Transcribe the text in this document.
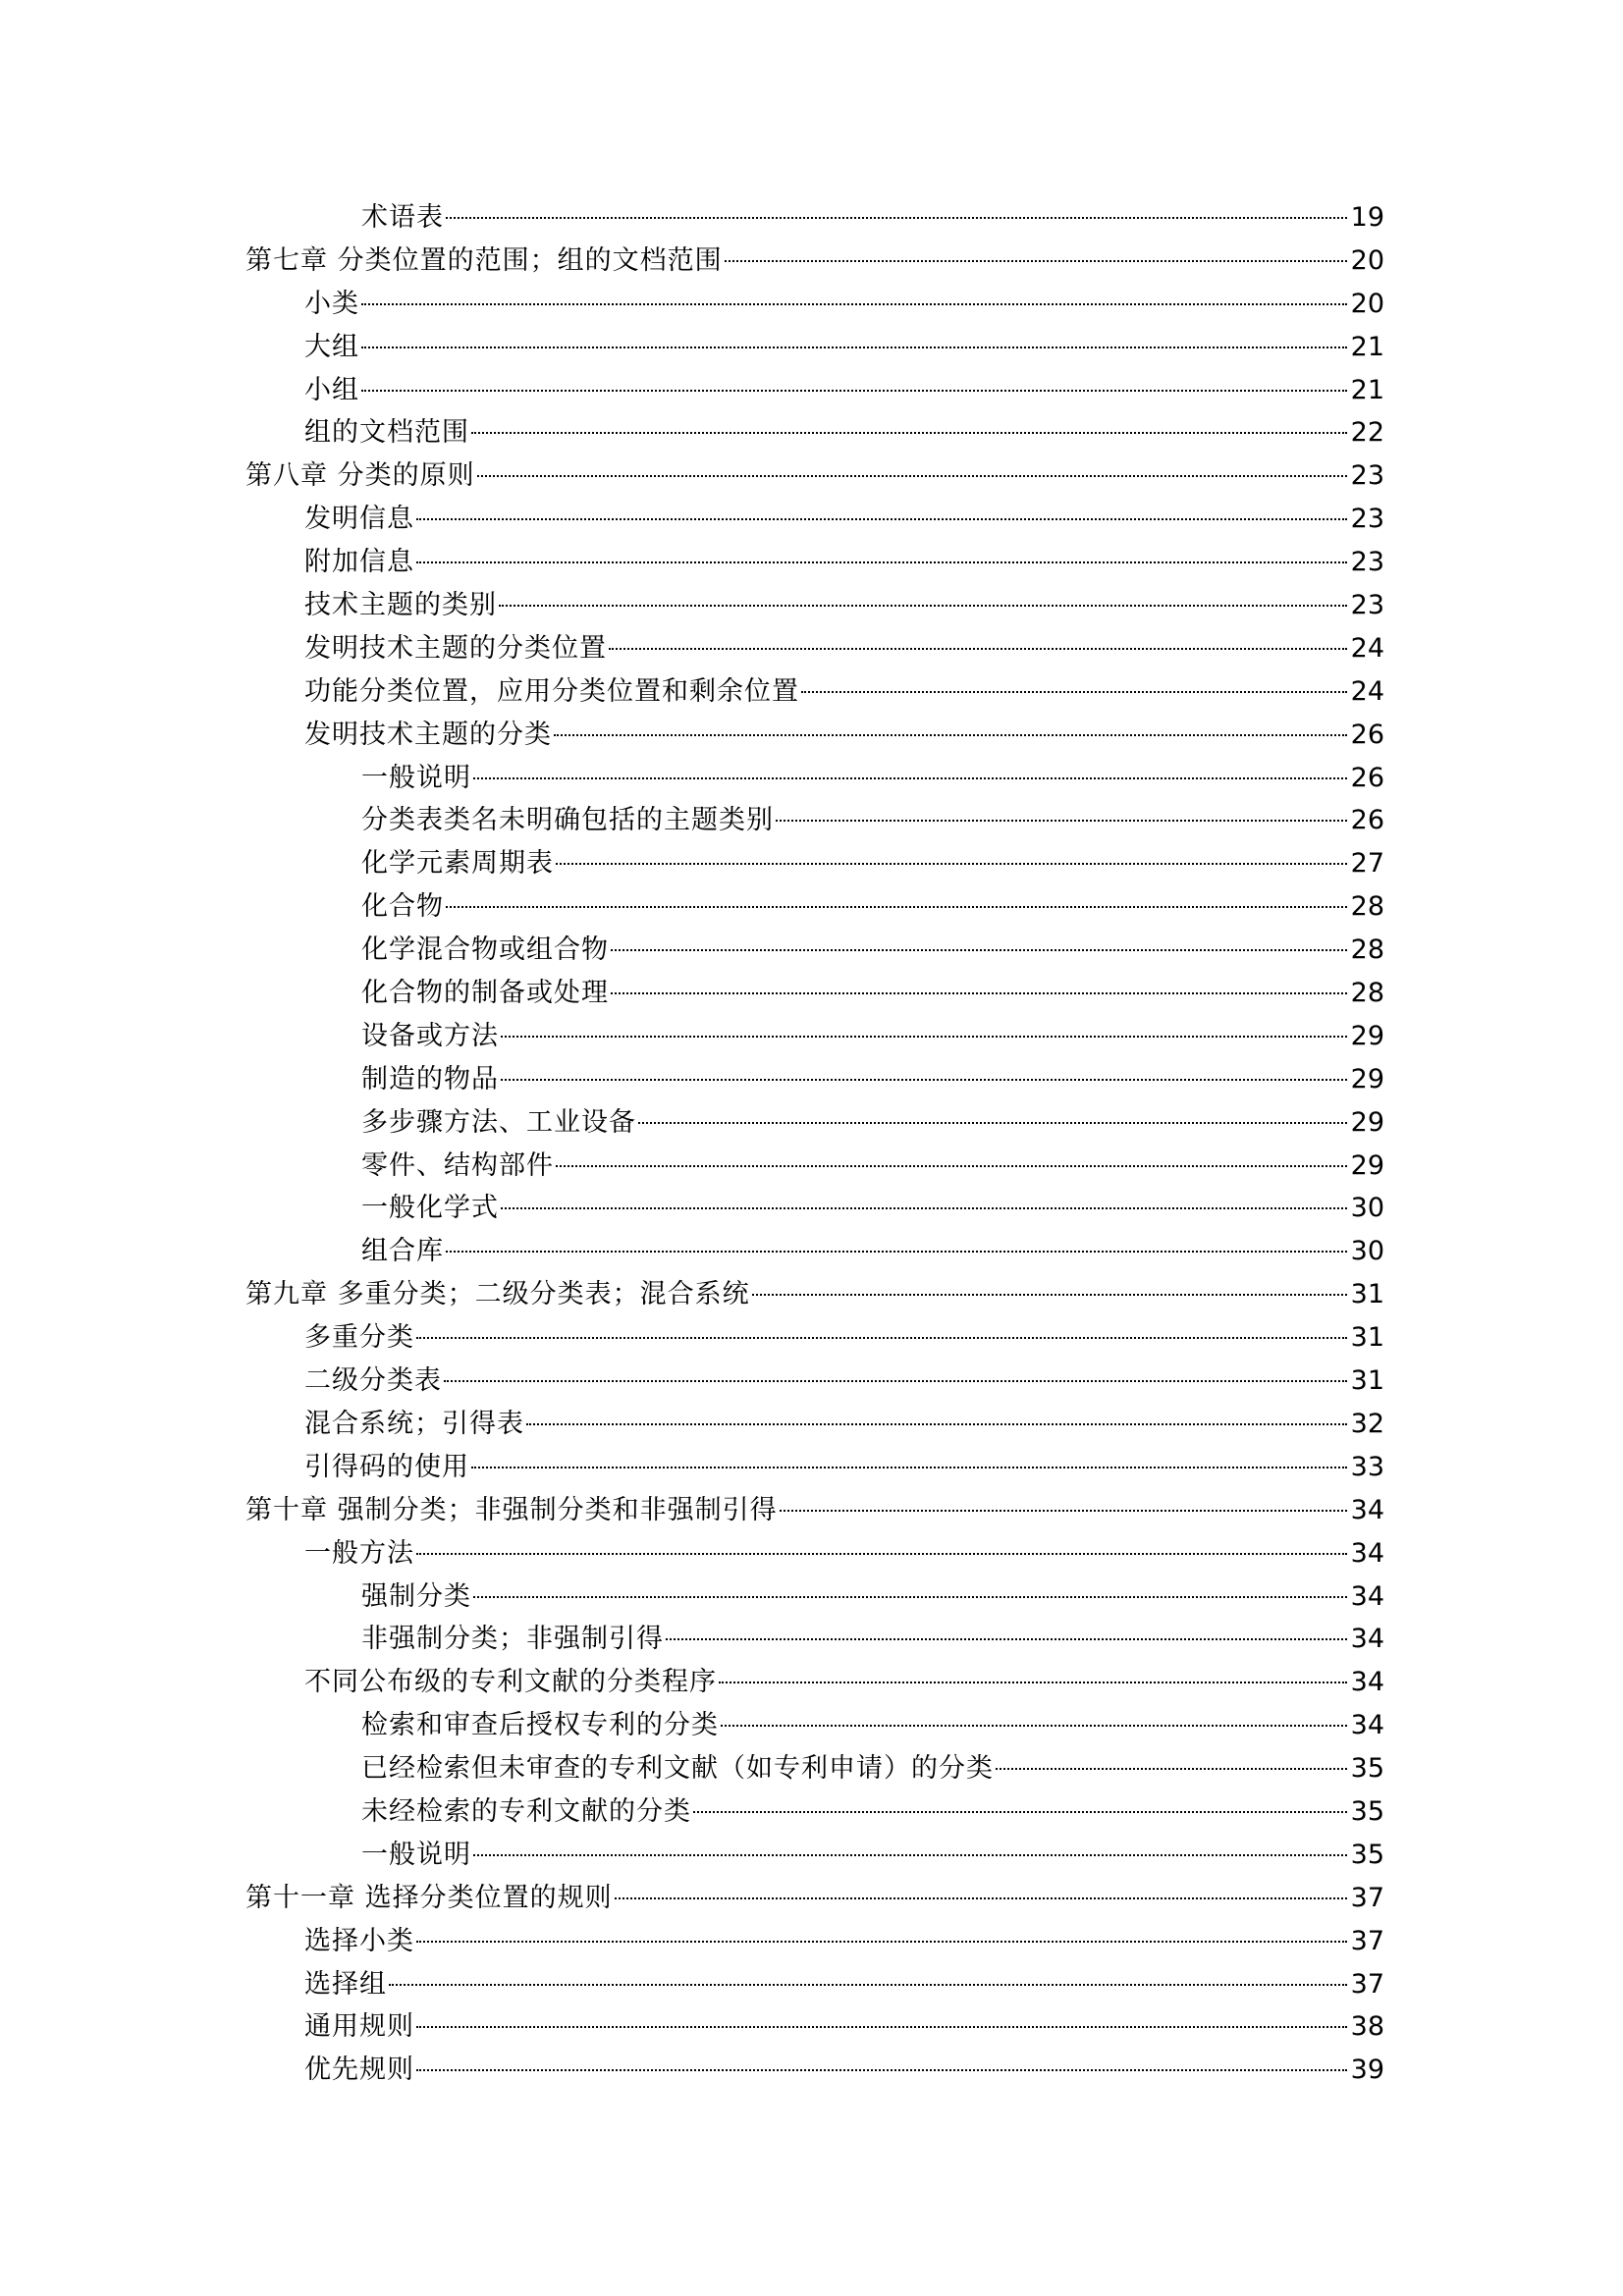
术语表	19
第七章 分类位置的范围；组的文档范围	20
小类	20
大组	21
小组	21
组的文档范围	22
第八章 分类的原则	23
发明信息	23
附加信息	23
技术主题的类别	23
发明技术主题的分类位置	24
功能分类位置，应用分类位置和剩余位置	24
发明技术主题的分类	26
一般说明	26
分类表类名未明确包括的主题类别	26
化学元素周期表	27
化合物	28
化学混合物或组合物	28
化合物的制备或处理	28
设备或方法	29
制造的物品	29
多步骤方法、工业设备	29
零件、结构部件	29
一般化学式	30
组合库	30
第九章 多重分类；二级分类表；混合系统	31
多重分类	31
二级分类表	31
混合系统；引得表	32
引得码的使用	33
第十章 强制分类；非强制分类和非强制引得	34
一般方法	34
强制分类	34
非强制分类；非强制引得	34
不同公布级的专利文献的分类程序	34
检索和审查后授权专利的分类	34
已经检索但未审查的专利文献（如专利申请）的分类	35
未经检索的专利文献的分类	35
一般说明	35
第十一章 选择分类位置的规则	37
选择小类	37
选择组	37
通用规则	38
优先规则	39
